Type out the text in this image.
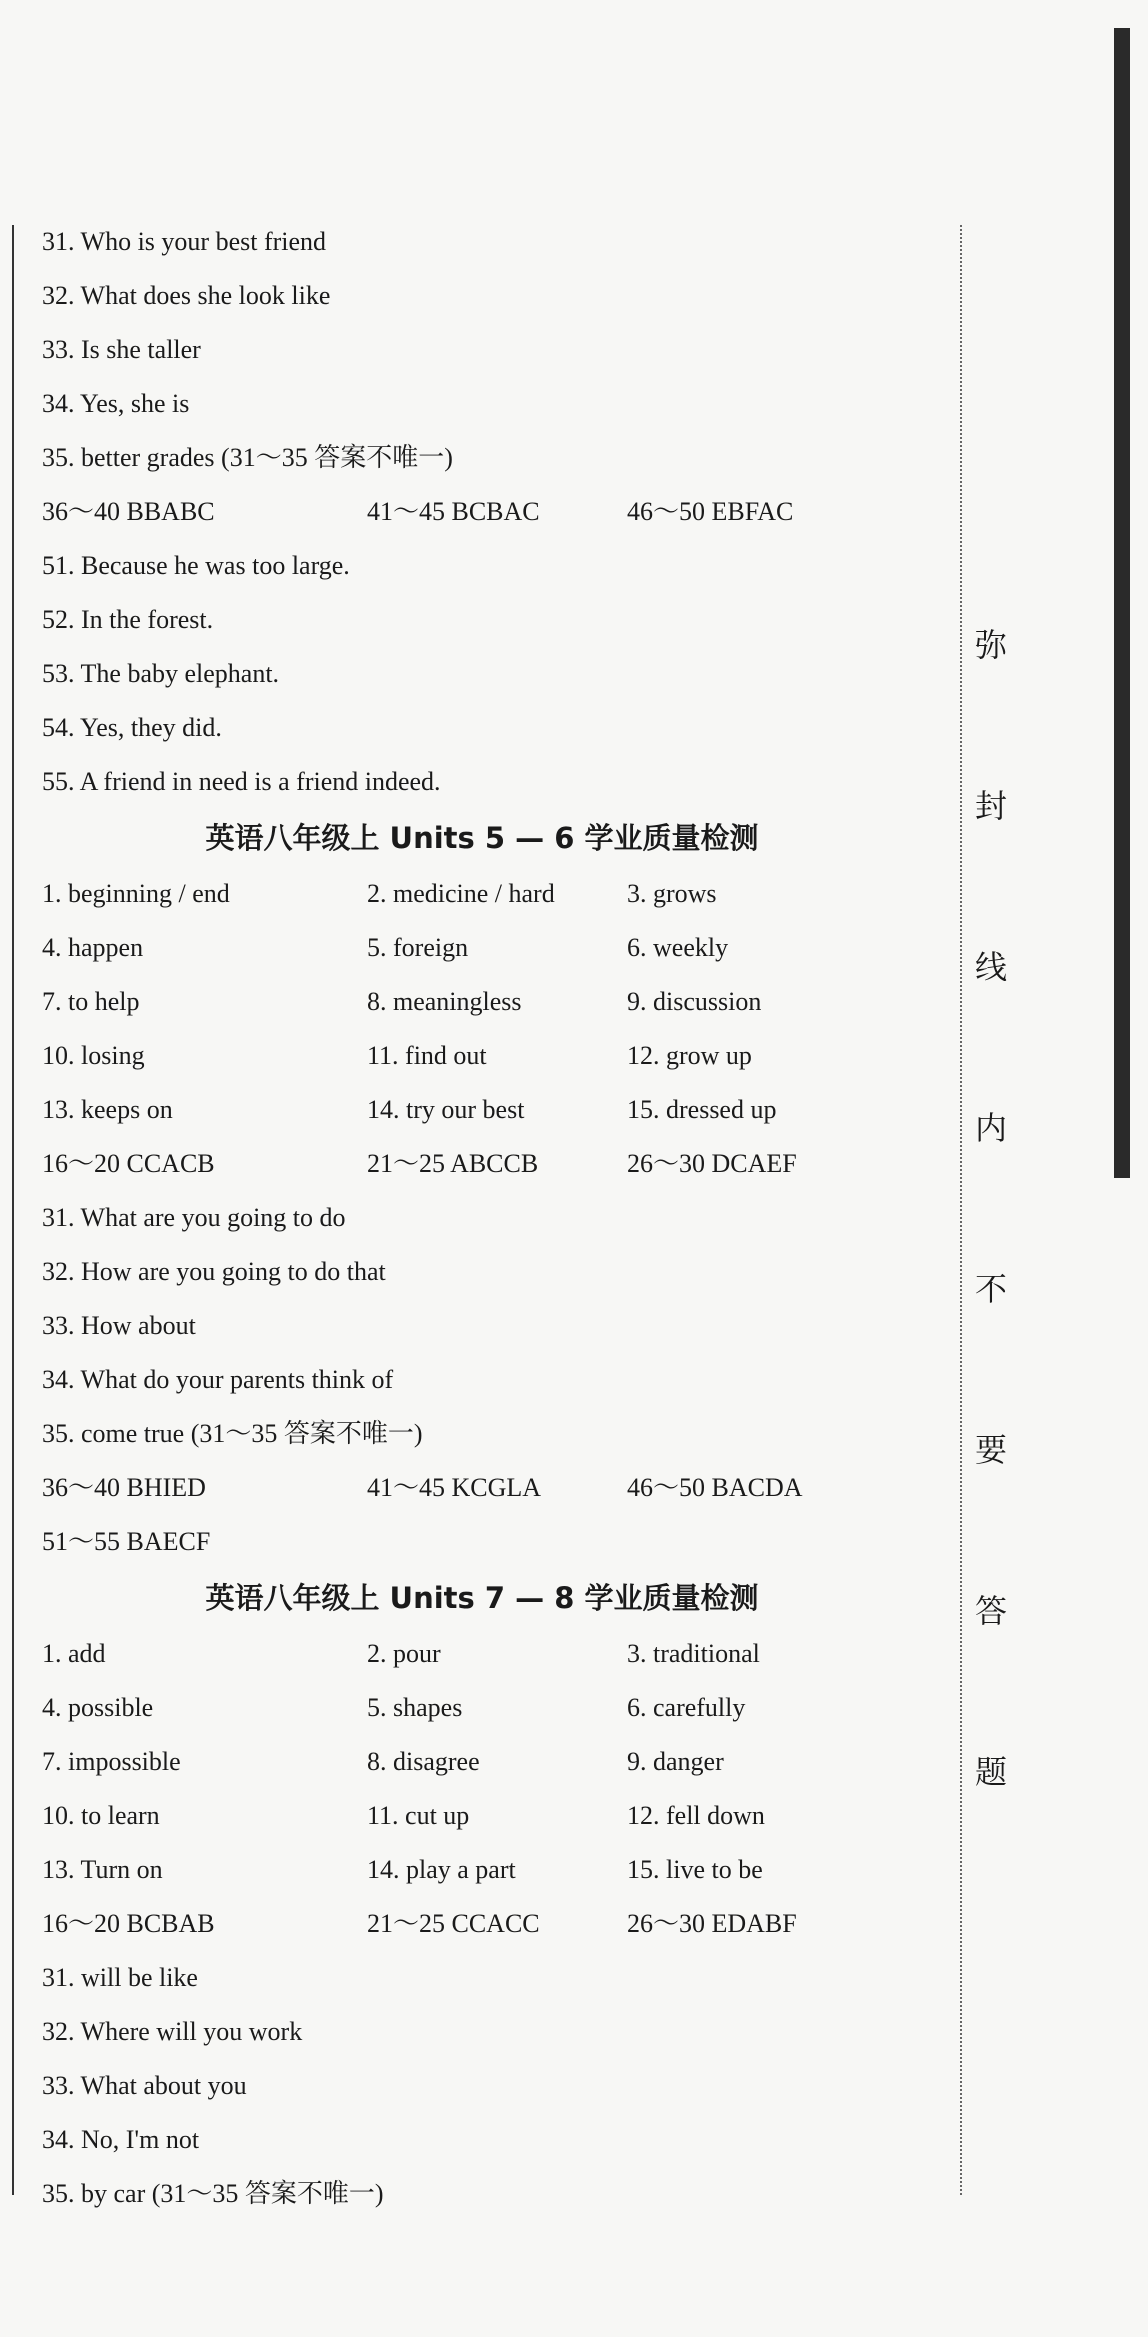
弥
封
线
内
不
要
答
题
31. Who is your best friend
32. What does she look like
33. Is she taller
34. Yes, she is
35. better grades (31～35 答案不唯一)
36～40 BBABC	41～45 BCBAC	46～50 EBFAC
51. Because he was too large.
52. In the forest.
53. The baby elephant.
54. Yes, they did.
55. A friend in need is a friend indeed.
英语八年级上 Units 5 — 6 学业质量检测
1. beginning / end	2. medicine / hard	3. grows
4. happen	5. foreign	6. weekly
7. to help	8. meaningless	9. discussion
10. losing	11. find out	12. grow up
13. keeps on	14. try our best	15. dressed up
16～20 CCACB	21～25 ABCCB	26～30 DCAEF
31. What are you going to do
32. How are you going to do that
33. How about
34. What do your parents think of
35. come true (31～35 答案不唯一)
36～40 BHIED	41～45 KCGLA	46～50 BACDA
51～55 BAECF
英语八年级上 Units 7 — 8 学业质量检测
1. add	2. pour	3. traditional
4. possible	5. shapes	6. carefully
7. impossible	8. disagree	9. danger
10. to learn	11. cut up	12. fell down
13. Turn on	14. play a part	15. live to be
16～20 BCBAB	21～25 CCACC	26～30 EDABF
31. will be like
32. Where will you work
33. What about you
34. No, I'm not
35. by car (31～35 答案不唯一)
